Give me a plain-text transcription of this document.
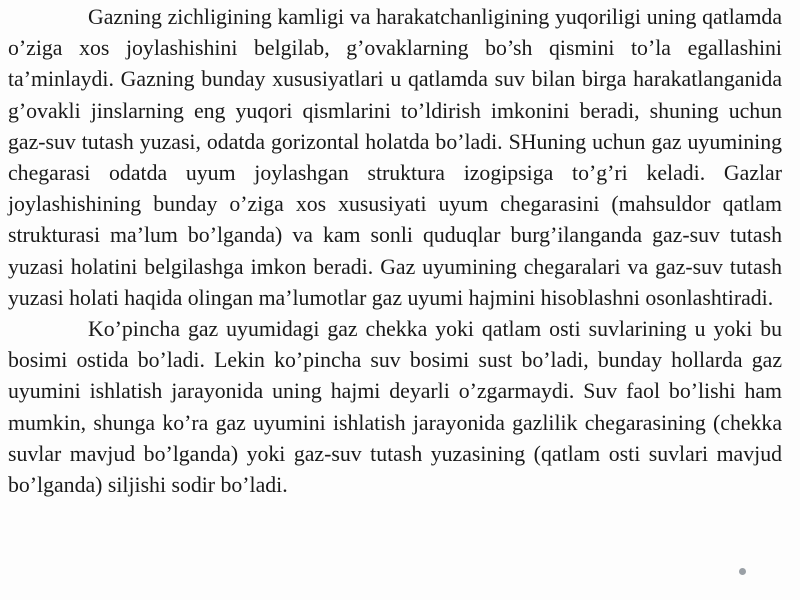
Gazning zichligining kamligi va harakatchanligining yuqoriligi uning qatlamda o’ziga xos joylashishini belgilab, g’ovaklarning bo’sh qismini to’la egallashini ta’minlaydi. Gazning bunday xususiyatlari u qatlamda suv bilan birga harakatlanganida g’ovakli jinslarning eng yuqori qismlarini to’ldirish imkonini beradi, shuning uchun gaz-suv tutash yuzasi, odatda gorizontal holatda bo’ladi. SHuning uchun gaz uyumining chegarasi odatda uyum joylashgan struktura izogipsiga to’g’ri keladi. Gazlar joylashishining bunday o’ziga xos xususiyati uyum chegarasini (mahsuldor qatlam strukturasi ma’lum bo’lganda) va kam sonli quduqlar burg’ilanganda gaz-suv tutash yuzasi holatini belgilashga imkon beradi. Gaz uyumining chegaralari va gaz-suv tutash yuzasi holati haqida olingan ma’lumotlar gaz uyumi hajmini hisoblashni osonlashtiradi.

Ko’pincha gaz uyumidagi gaz chekka yoki qatlam osti suvlarining u yoki bu bosimi ostida bo’ladi. Lekin ko’pincha suv bosimi sust bo’ladi, bunday hollarda gaz uyumini ishlatish jarayonida uning hajmi deyarli o’zgarmaydi. Suv faol bo’lishi ham mumkin, shunga ko’ra gaz uyumini ishlatish jarayonida gazlilik chegarasining (chekka suvlar mavjud bo’lganda) yoki gaz-suv tutash yuzasining (qatlam osti suvlari mavjud bo’lganda) siljishi sodir bo’ladi.
